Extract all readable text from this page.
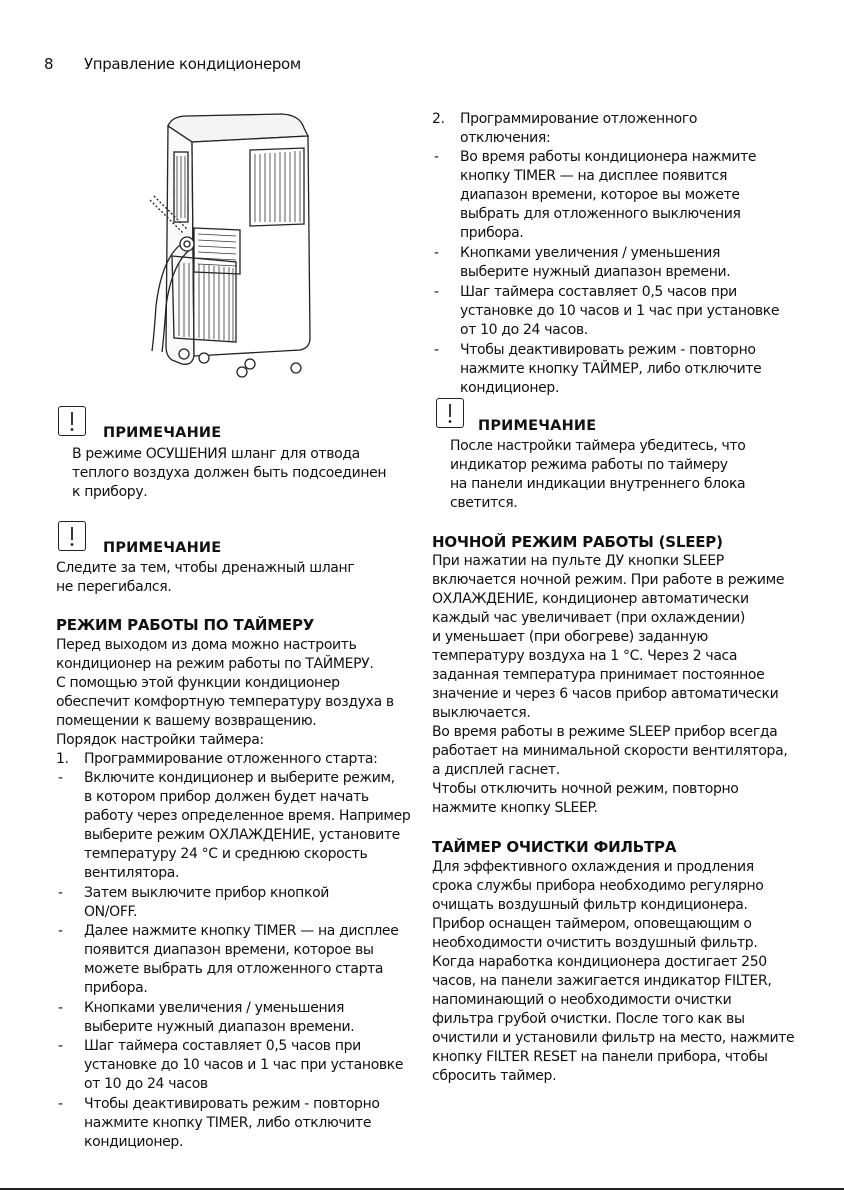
8 Управление кондиционером
ПРИМЕЧАНИЕ
В режиме ОСУШЕНИЯ шланг для отвода
теплого воздуха должен быть подсоединен
к прибору.
ПРИМЕЧАНИЕ
Следите за тем, чтобы дренажный шланг
не перегибался.
РЕЖИМ РАБОТЫ ПО ТАЙМЕРУ
Перед выходом из дома можно настроить
кондиционер на режим работы по ТАЙМЕРУ.
С помощью этой функции кондиционер
обеспечит комфортную температуру воздуха в
помещении к вашему возвращению.
Порядок настройки таймера:
1. Программирование отложенного старта:
- Включите кондиционер и выберите режим,
в котором прибор должен будет начать
работу через определенное время. Например
выберите режим ОХЛАЖДЕНИЕ, установите
температуру 24 °C и среднюю скорость
вентилятора.
- Затем выключите прибор кнопкой
ON/OFF.
- Далее нажмите кнопку TIMER — на дисплее
появится диапазон времени, которое вы
можете выбрать для отложенного старта
прибора.
- Кнопками увеличения / уменьшения
выберите нужный диапазон времени.
- Шаг таймера составляет 0,5 часов при
установке до 10 часов и 1 час при установке
от 10 до 24 часов
- Чтобы деактивировать режим - повторно
нажмите кнопку TIMER, либо отключите
кондиционер.
2. Программирование отложенного
отключения:
- Во время работы кондиционера нажмите
кнопку TIMER — на дисплее появится
диапазон времени, которое вы можете
выбрать для отложенного выключения
прибора.
- Кнопками увеличения / уменьшения
выберите нужный диапазон времени.
- Шаг таймера составляет 0,5 часов при
установке до 10 часов и 1 час при установке
от 10 до 24 часов.
- Чтобы деактивировать режим - повторно
нажмите кнопку ТАЙМЕР, либо отключите
кондиционер.
ПРИМЕЧАНИЕ
После настройки таймера убедитесь, что
индикатор режима работы по таймеру
на панели индикации внутреннего блока
светится.
НОЧНОЙ РЕЖИМ РАБОТЫ (SLEEP)
При нажатии на пульте ДУ кнопки SLEEP
включается ночной режим. При работе в режиме
ОХЛАЖДЕНИЕ, кондиционер автоматически
каждый час увеличивает (при охлаждении)
и уменьшает (при обогреве) заданную
температуру воздуха на 1 °С. Через 2 часа
заданная температура принимает постоянное
значение и через 6 часов прибор автоматически
выключается.
Во время работы в режиме SLEEP прибор всегда
работает на минимальной скорости вентилятора,
а дисплей гаснет.
Чтобы отключить ночной режим, повторно
нажмите кнопку SLEEP.
ТАЙМЕР ОЧИСТКИ ФИЛЬТРА
Для эффективного охлаждения и продления
срока службы прибора необходимо регулярно
очищать воздушный фильтр кондиционера.
Прибор оснащен таймером, оповещающим о
необходимости очистить воздушный фильтр.
Когда наработка кондиционера достигает 250
часов, на панели зажигается индикатор FILTER,
напоминающий о необходимости очистки
фильтра грубой очистки. После того как вы
очистили и установили фильтр на место, нажмите
кнопку FILTER RESET на панели прибора, чтобы
сбросить таймер.
